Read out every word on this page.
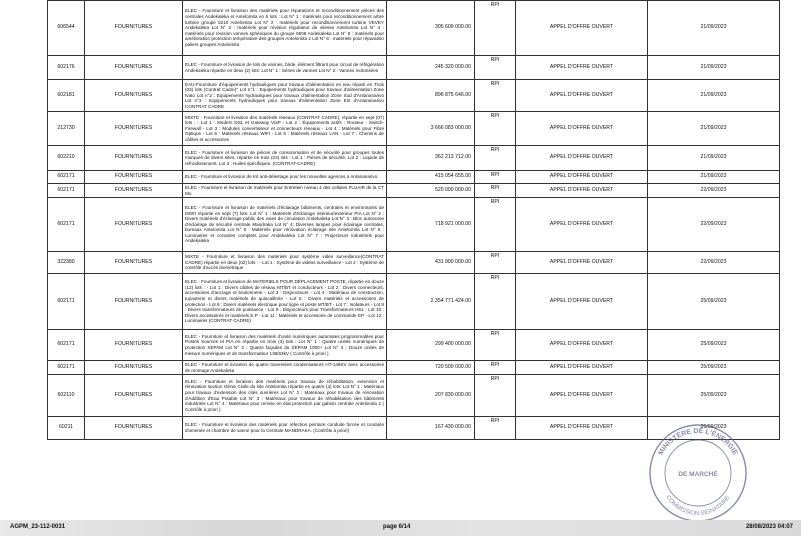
606544	FOURNITURES	ELEC - Fourniture et livraison des matériels pour réparations et reconditionnement pièces des centrales Andekaleka et Antelomita en 6 lots : Lot N° 1 : matériels pour reconditionnement arbre turbine groupe 5210 Antelomita Lot N° 2 : matériels pour reconditionnement turbine VEVEY Andekaleka Lot N° 3 : matériels pour révision régulateur de vitesse Antelomita Lot N° 4 : matériels pour révision vannes sphériques du groupe 5508 Andekaleka Lot N° 5 : matériels pour amélioration protection température des groupes Antelomita 2 Lot N° 6 : matériels pour réparation paliers groupes Antelomita	305 609 000.00	RPI	APPEL D'OFFRE OUVERT	21/09/2023
602176	FOURNITURES	ELEC - Fourniture et livraison de lots de vannes, bride, élément filtrant pour circuit de réfrigération Andekaleka répartie en deux (2) lots: Lot N° 1 : Séries de vannes Lot N° 2 : Vannes motorisées	245 320 000.00	RPI	APPEL D'OFFRE OUVERT	21/09/2023
602181	FOURNITURES	EAU-Fourniture d'équipements hydrauliques pour travaux d'alimentation en eau réparti en Trois (03) lots (Contrat Cadre)" Lot n°1 : Equipements hydrauliques pour travaux d'alimentation Zone Ivato Lot n°2 : Equipements hydrauliques pour travaux d'alimentation Zone Sud d'Antananarivo Lot n°3 : Equipements hydrauliques pour travaux d'alimentation Zone Est d'Antananarivo CONTRAT CADRE	896 875 646.00	RPI	APPEL D'OFFRE OUVERT	21/09/2023
212730	FOURNITURES	MIXTE - Fourniture et livraison des matériels réseaux (CONTRAT CADRE), répartie en sept (07) lots : - Lot 1 : Modem DSL et Gateway VoIP - Lot 2 : Équipements actifs : Routeur - Switch-Firewall - Lot 3 : Modules convertisseur et connecteurs réseaux - Lot 4 : Matériels pour Fibre Optique - Lot 5 : Matériels réseaux WIFI - Lot 6 : Matériels réseaux LAN - Lot 7 : Chemins de câbles et accessoires	3 666 083 000.00	RPI	APPEL D'OFFRE OUVERT	21/09/2023
602210	FOURNITURES	ELEC - Fourniture et livraison de pièces de consommation et de sécurité pour groupes toutes marques de divers sites, répartie en trois (03) lots : Lot 1 : Pièces de sécurité, Lot 2 : Liquide de refroidissement. Lot 3 : Huiles spécifiques. (CONTRAT-CADRE)	362 213 712.00	RPI	APPEL D'OFFRE OUVERT	21/09/2023
602171	FOURNITURES	ELEC - Fourniture et livraison de Kit anti-délestage pour les nouvelles agences à Antananarivo	415 054 655.00	RPI	APPEL D'OFFRE OUVERT	21/09/2023
602171	FOURNITURES	ELEC - Fourniture et livraison de matériels pour Entretien niveau 4 des cellules FLUAIR de la CT Mu	520 000 000.00	RPI	APPEL D'OFFRE OUVERT	22/09/2023
602171	FOURNITURES	ELEC - Fourniture et livraison de matériels d'éclairage bâtiments, centrales et environnants de DERI répartie en sept (7) lots: Lot N° 1 : Matériels d'éclairage intérieur/extérieur PIA Lot N° 2 : Divers matériels d'éclairage public des voies de circulation Andekaleka Lot N° 3 : Bloc autonome d'éclairage de sécurité centrale Mandraka Lot N° 4: Diverses lampes pour éclairage centrales, bureaux Antelomita Lot N° 5 : Matériels pour rénovation éclairage site Antelomita Lot N° 6 : Luminaires et consoles complets pour Andekaleka Lot N° 7 : Projecteurs industriels pour Andekaleka	718 921 000.00	RPI	APPEL D'OFFRE OUVERT	22/09/2023
322380	FOURNITURES	MIXTE - Fourniture et livraison des matériels pour système vidéo surveillance(CONTRAT CADRE) répartie en deux (02) lots : - Lot 1 : Système de vidéos surveillance - Lot 2 : Système de contrôle d'accès biométrique	431 900 000.00	RPI	APPEL D'OFFRE OUVERT	22/09/2023
602171	FOURNITURES	ELEC - Fourniture et livraison de MATÉRIELS POUR DÉPLACEMENT POSTE, répartie en douze (12) lots : - Lot 1 : Divers câbles de réseau MT/BT et conducteurs - Lot 2 : Divers connecteurs, accessoires d'ancrage et boulonnerie - Lot 3 : Disjoncteurs - Lot 4 : Matériaux de construction, tuyauterie et divers matériels de quincaillerie - Lot 5 : Divers matériels et accessoires de protection - Lot 6 : Divers matériels électrique pour ligne et poste MT/BT - Lot 7 : Isolateurs - Lot 8 : Divers transformateurs de puissance - Lot 9 : Disjoncteurs pour Transformateurs H61 - Lot 10 : Divers accessoires et matériels E.P - Lot 11 : Matériels et accessoire de commande EP - Lot 12 : Luminaires (CONTRAT CADRE)	2 354 771 424.00	RPI	APPEL D'OFFRE OUVERT	25/09/2023
602171	FOURNITURES	ELEC - Fourniture et livraison des matériels d'unité numériques automates programmables pour Postes Sources et PIA en répartie en trois (3) lots : Lot N° 1 : Quatre unités numériques de protection SEPAM Lot N° 2 : Quatre façades du SEPAM 1000+ Lot N° 3 : Douze unités de mesure numériques et de transformateur 138/63kV ( Contrôle à priori )	299 400 000.00	RPI	APPEL D'OFFRE OUVERT	25/09/2023
602171	FOURNITURES	ELEC - Fourniture et livraison de quatre traversées condensateurs HT-145KV avec accessoires de montage Andekaleka	720 500 000.00	RPI	APPEL D'OFFRE OUVERT	25/09/2023
602110	FOURNITURES	ELEC - Fourniture et livraison des matériels pour travaux de réhabilitation, extension et rénovation section Génie Civile du site Antelomita répartie en quatre (4) lots: Lot N° 1 : Matériaux pour travaux d'extension des cités ouvrières Lot N° 2 : Matériaux pour travaux de rénovation d'Addition d'Eau Potable Lot N° 3 : Matériaux pour travaux de réhabilitation des bâtiments industriels Lot N° 4 : Matériaux pour remise en état protection par gabion centrale Antelomita 2 ( Contrôle à priori )	207 830 000.00	RPI	APPEL D'OFFRE OUVERT	25/09/2023
60211	FOURNITURES	ELEC - Fourniture et livraison des matériels pour réfection peinture conduite forcée et conduite d'amenée et chambre de vanne pour la Centrale MANDRAKA. (Contrôle à priori)	167 430 000.00	RPI	APPEL D'OFFRE OUVERT	26/09/2023
MINISTÈRE DE L'ÉNERGIE
COMMISSION SIGNATAIRE
DE MARCHÉ
AGPM_23-112-0031	page 6/14	28/08/2023 04:07
